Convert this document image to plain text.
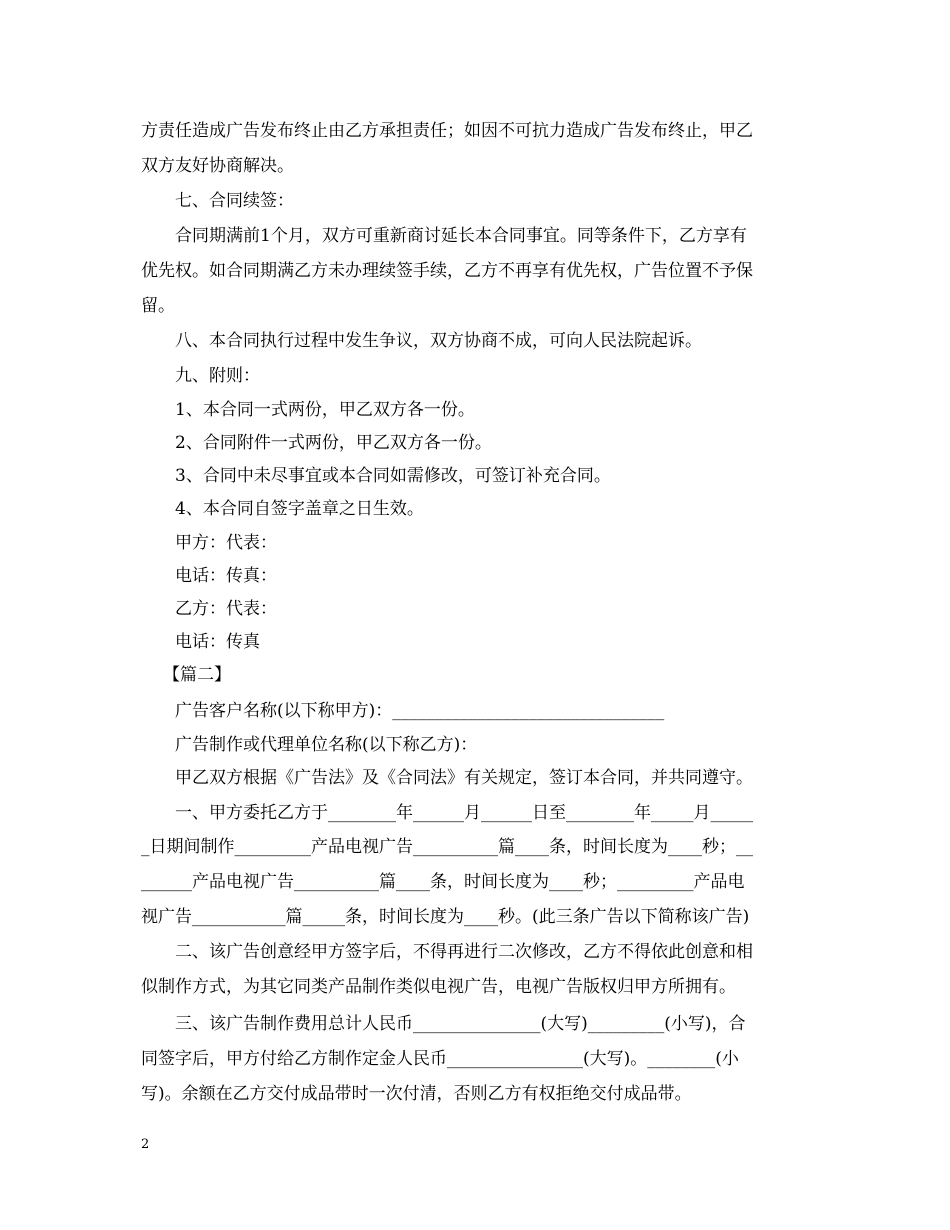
方责任造成广告发布终止由乙方承担责任；如因不可抗力造成广告发布终止，甲乙

双方友好协商解决。

七、合同续签：

合同期满前1个月，双方可重新商讨延长本合同事宜。同等条件下，乙方享有

优先权。如合同期满乙方未办理续签手续，乙方不再享有优先权，广告位置不予保

留。

八、本合同执行过程中发生争议，双方协商不成，可向人民法院起诉。

九、附则：

1、本合同一式两份，甲乙双方各一份。

2、合同附件一式两份，甲乙双方各一份。

3、合同中未尽事宜或本合同如需修改，可签订补充合同。

4、本合同自签字盖章之日生效。

甲方：代表：

电话：传真：

乙方：代表：

电话：传真

【篇二】

广告客户名称(以下称甲方)：________________________________

广告制作或代理单位名称(以下称乙方)：

甲乙双方根据《广告法》及《合同法》有关规定，签订本合同，并共同遵守。

一、甲方委托乙方于________年______月______日至________年_____月_____

_日期间制作_________产品电视广告__________篇____条，时间长度为____秒；__

______产品电视广告__________篇____条，时间长度为____秒；_________产品电

视广告___________篇_____条，时间长度为____秒。(此三条广告以下简称该广告)

二、该广告创意经甲方签字后，不得再进行二次修改，乙方不得依此创意和相

似制作方式，为其它同类产品制作类似电视广告，电视广告版权归甲方所拥有。

三、该广告制作费用总计人民币_______________(大写)_________(小写)，合

同签字后，甲方付给乙方制作定金人民币________________(大写)。________(小

写)。余额在乙方交付成品带时一次付清，否则乙方有权拒绝交付成品带。

2
